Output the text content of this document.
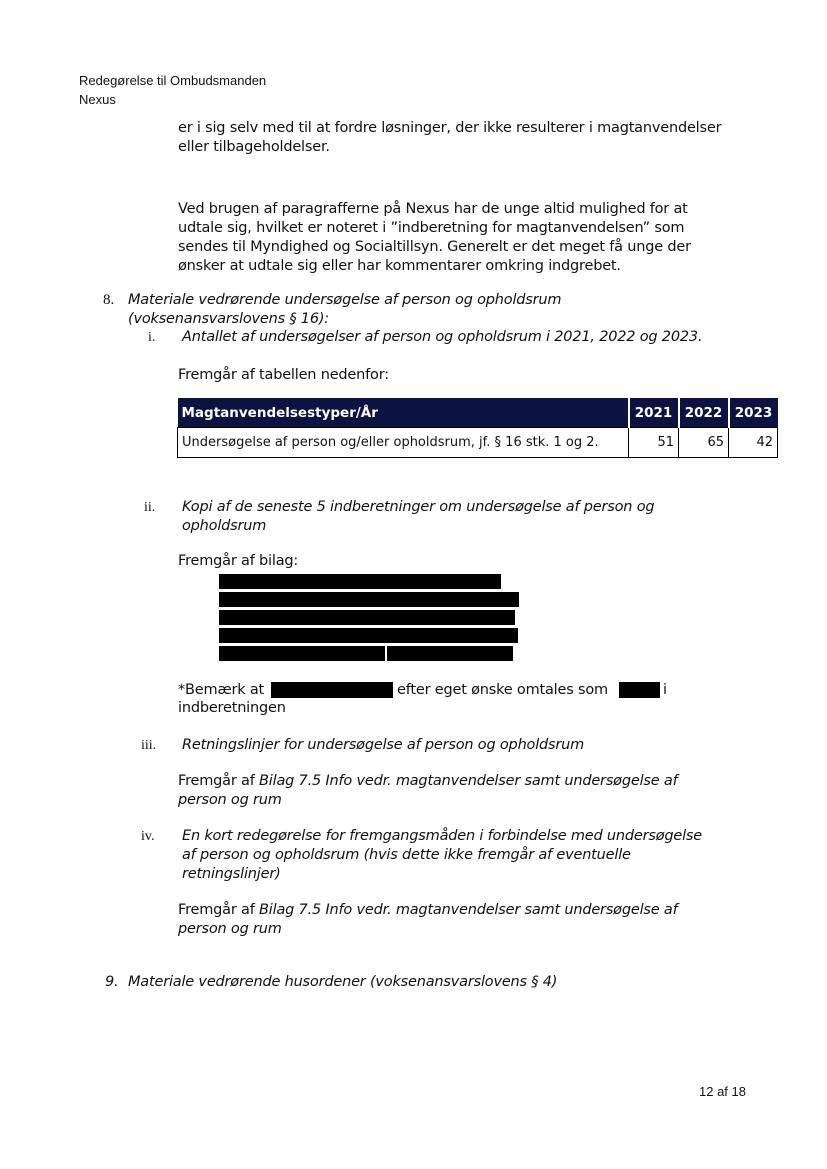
Redegørelse til Ombudsmanden
Nexus
er i sig selv med til at fordre løsninger, der ikke resulterer i magtanvendelser
eller tilbageholdelser.
Ved brugen af paragrafferne på Nexus har de unge altid mulighed for at
udtale sig, hvilket er noteret i ”indberetning for magtanvendelsen” som
sendes til Myndighed og Socialtillsyn. Generelt er det meget få unge der
ønsker at udtale sig eller har kommentarer omkring indgrebet.
8. Materiale vedrørende undersøgelse af person og opholdsrum
(voksenansvarslovens § 16):
i. Antallet af undersøgelser af person og opholdsrum i 2021, 2022 og 2023.
Fremgår af tabellen nedenfor:
Magtanvendelsestyper/År	2021	2022	2023
Undersøgelse af person og/eller opholdsrum, jf. § 16 stk. 1 og 2.	51	65	42
ii. Kopi af de seneste 5 indberetninger om undersøgelse af person og
opholdsrum
Fremgår af bilag:
*Bemærk at	efter eget ønske omtales som	i
indberetningen
iii. Retningslinjer for undersøgelse af person og opholdsrum
Fremgår af Bilag 7.5 Info vedr. magtanvendelser samt undersøgelse af
person og rum
iv. En kort redegørelse for fremgangsmåden i forbindelse med undersøgelse
af person og opholdsrum (hvis dette ikke fremgår af eventuelle
retningslinjer)
Fremgår af Bilag 7.5 Info vedr. magtanvendelser samt undersøgelse af
person og rum
9. Materiale vedrørende husordener (voksenansvarslovens § 4)
12 af 18
